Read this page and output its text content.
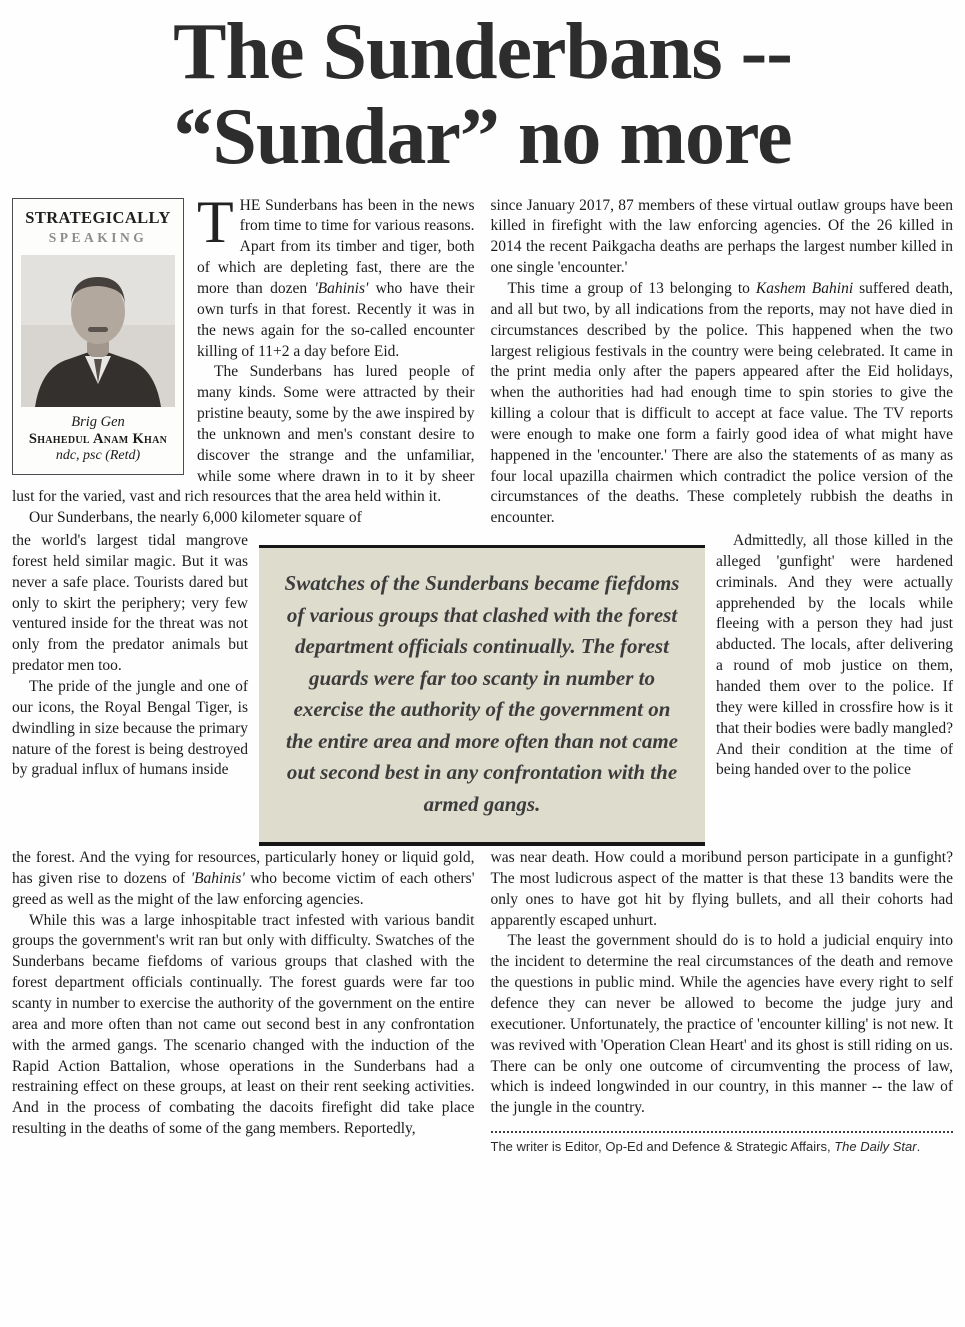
The Sunderbans --
“Sundar” no more
STRATEGICALLY
SPEAKING
Brig Gen
Shahedul Anam Khan
ndc, psc (Retd)

THE Sunderbans has been in the news from time to time for various reasons. Apart from its timber and tiger, both of which are depleting fast, there are the more than dozen 'Bahinis' who have their own turfs in that forest. Recently it was in the news again for the so-called encounter killing of 11+2 a day before Eid.

The Sunderbans has lured people of many kinds. Some were attracted by their pristine beauty, some by the awe inspired by the unknown and men's constant desire to discover the strange and the unfamiliar, while some where drawn in to it by sheer lust for the varied, vast and rich resources that the area held within it.

Our Sunderbans, the nearly 6,000 kilometer square of

since January 2017, 87 members of these virtual outlaw groups have been killed in firefight with the law enforcing agencies. Of the 26 killed in 2014 the recent Paikgacha deaths are perhaps the largest number killed in one single 'encounter.'

This time a group of 13 belonging to Kashem Bahini suffered death, and all but two, by all indications from the reports, may not have died in circumstances described by the police. This happened when the two largest religious festivals in the country were being celebrated. It came in the print media only after the papers appeared after the Eid holidays, when the authorities had had enough time to spin stories to give the killing a colour that is difficult to accept at face value. The TV reports were enough to make one form a fairly good idea of what might have happened in the 'encounter.' There are also the statements of as many as four local upazilla chairmen which contradict the police version of the circumstances of the deaths. These completely rubbish the deaths in encounter.

the world's largest tidal mangrove forest held similar magic. But it was never a safe place. Tourists dared but only to skirt the periphery; very few ventured inside for the threat was not only from the predator animals but predator men too.

The pride of the jungle and one of our icons, the Royal Bengal Tiger, is dwindling in size because the primary nature of the forest is being destroyed by gradual influx of humans inside

Swatches of the Sunderbans became fiefdoms of various groups that clashed with the forest department officials continually. The forest guards were far too scanty in number to exercise the authority of the government on the entire area and more often than not came out second best in any confrontation with the armed gangs.

Admittedly, all those killed in the alleged 'gunfight' were hardened criminals. And they were actually apprehended by the locals while fleeing with a person they had just abducted. The locals, after delivering a round of mob justice on them, handed them over to the police. If they were killed in crossfire how is it that their bodies were badly mangled? And their condition at the time of being handed over to the police

the forest. And the vying for resources, particularly honey or liquid gold, has given rise to dozens of 'Bahinis' who become victim of each others' greed as well as the might of the law enforcing agencies.

While this was a large inhospitable tract infested with various bandit groups the government's writ ran but only with difficulty. Swatches of the Sunderbans became fiefdoms of various groups that clashed with the forest department officials continually. The forest guards were far too scanty in number to exercise the authority of the government on the entire area and more often than not came out second best in any confrontation with the armed gangs. The scenario changed with the induction of the Rapid Action Battalion, whose operations in the Sunderbans had a restraining effect on these groups, at least on their rent seeking activities. And in the process of combating the dacoits firefight did take place resulting in the deaths of some of the gang members. Reportedly,

was near death. How could a moribund person participate in a gunfight? The most ludicrous aspect of the matter is that these 13 bandits were the only ones to have got hit by flying bullets, and all their cohorts had apparently escaped unhurt.

The least the government should do is to hold a judicial enquiry into the incident to determine the real circumstances of the death and remove the questions in public mind. While the agencies have every right to self defence they can never be allowed to become the judge jury and executioner. Unfortunately, the practice of 'encounter killing' is not new. It was revived with 'Operation Clean Heart' and its ghost is still riding on us. There can be only one outcome of circumventing the process of law, which is indeed longwinded in our country, in this manner -- the law of the jungle in the country.

The writer is Editor, Op-Ed and Defence & Strategic Affairs, The Daily Star.
